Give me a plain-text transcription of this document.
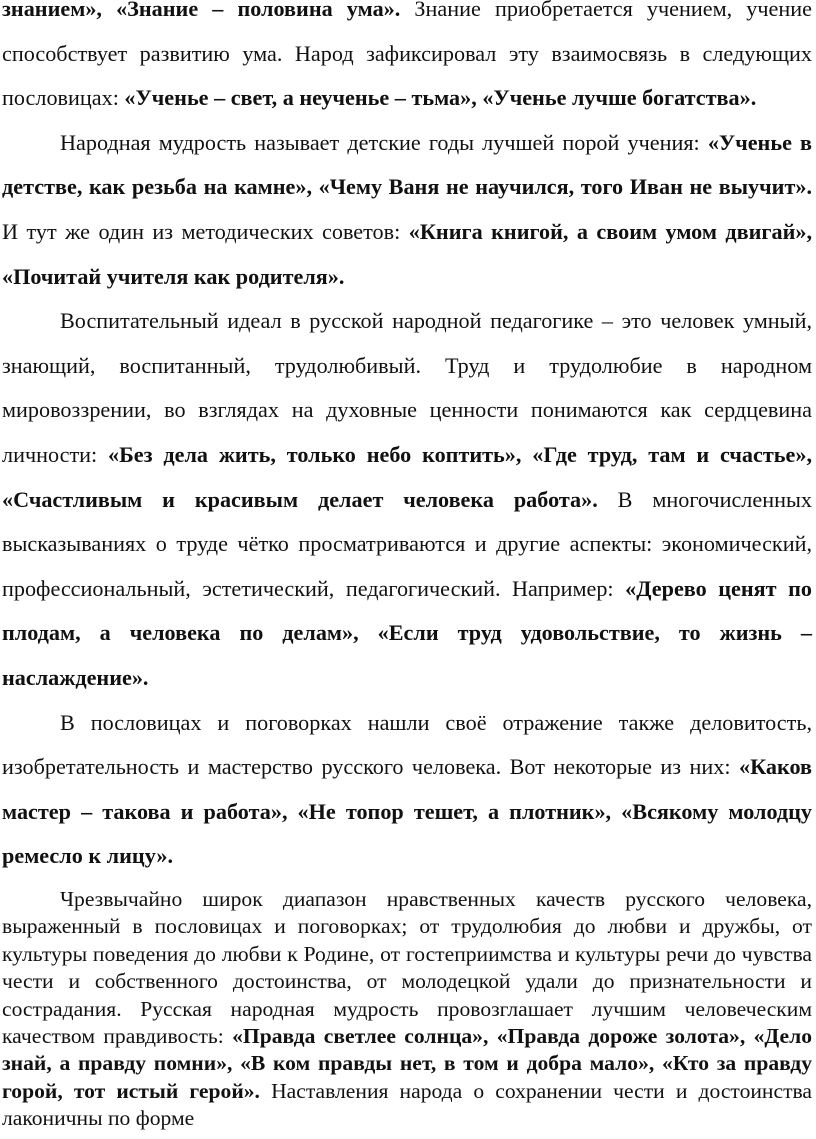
знанием», «Знание – половина ума». Знание приобретается учением, учение способствует развитию ума. Народ зафиксировал эту взаимосвязь в следующих пословицах: «Ученье – свет, а неученье – тьма», «Ученье лучше богатства».

Народная мудрость называет детские годы лучшей порой учения: «Ученье в детстве, как резьба на камне», «Чему Ваня не научился, того Иван не выучит». И тут же один из методических советов: «Книга книгой, а своим умом двигай», «Почитай учителя как родителя».

Воспитательный идеал в русской народной педагогике – это человек умный, знающий, воспитанный, трудолюбивый. Труд и трудолюбие в народном мировоззрении, во взглядах на духовные ценности понимаются как сердцевина личности: «Без дела жить, только небо коптить», «Где труд, там и счастье», «Счастливым и красивым делает человека работа». В многочисленных высказываниях о труде чётко просматриваются и другие аспекты: экономический, профессиональный, эстетический, педагогический. Например: «Дерево ценят по плодам, а человека по делам», «Если труд удовольствие, то жизнь – наслаждение».

В пословицах и поговорках нашли своё отражение также деловитость, изобретательность и мастерство русского человека. Вот некоторые из них: «Каков мастер – такова и работа», «Не топор тешет, а плотник», «Всякому молодцу ремесло к лицу».

Чрезвычайно широк диапазон нравственных качеств русского человека, выраженный в пословицах и поговорках; от трудолюбия до любви и дружбы, от культуры поведения до любви к Родине, от гостеприимства и культуры речи до чувства чести и собственного достоинства, от молодецкой удали до признательности и сострадания. Русская народная мудрость провозглашает лучшим человеческим качеством правдивость: «Правда светлее солнца», «Правда дороже золота», «Дело знай, а правду помни», «В ком правды нет, в том и добра мало», «Кто за правду горой, тот истый герой». Наставления народа о сохранении чести и достоинства лаконичны по форме
